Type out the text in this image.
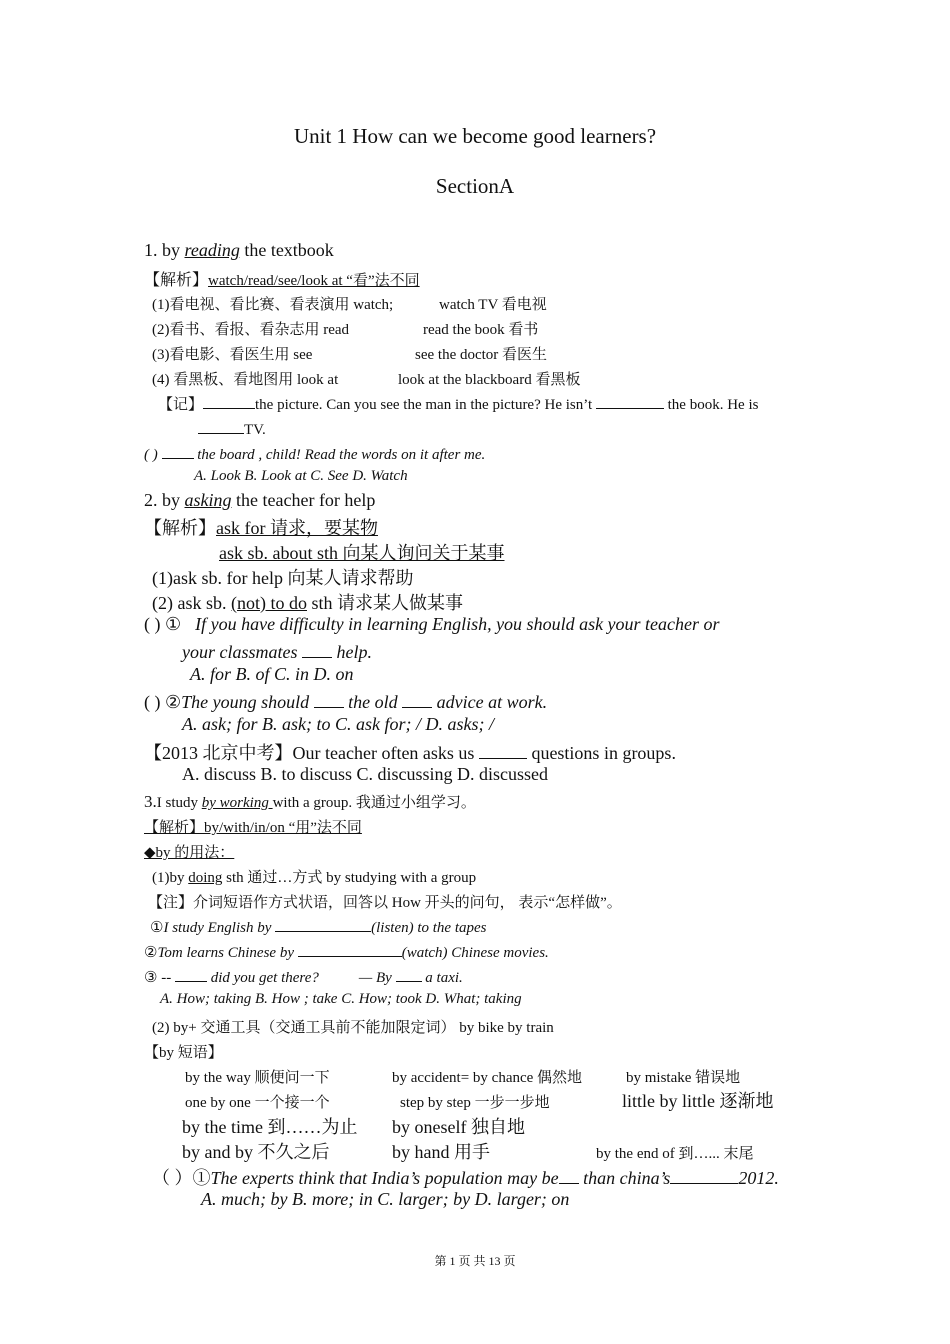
Unit 1 How can we become good learners?
SectionA
1. by reading the textbook
【解析】watch/read/see/look at “看”法不同
(1)看电视、看比赛、看表演用 watch;	watch TV 看电视
(2)看书、看报、看杂志用 read	read the book 看书
(3)看电影、看医生用 see	see the doctor 看医生
(4) 看黑板、看地图用 look at	look at the blackboard 看黑板
【记】	the picture. Can you see the man in the picture? He isn’t	the book. He is
TV.
( )  the board , child! Read the words on it after me.
A. Look B. Look at C. See D. Watch
2. by asking the teacher for help
【解析】ask for 请求，要某物
ask sb. about sth 向某人询问关于某事
(1)ask sb. for help 向某人请求帮助
(2) ask sb. (not) to do sth 请求某人做某事
( ) ① If you have difficulty in learning English, you should ask your teacher or
your classmates  help.
A. for B. of C. in D. on
( ) ②The young should  the old  advice at work.
A. ask; for B. ask; to C. ask for; / D. asks; /
【2013 北京中考】Our teacher often asks us	questions in groups.
A. discuss B. to discuss C. discussing D. discussed
3.I study by working with a group. 我通过小组学习。
【解析】by/with/in/on “用”法不同
◆by 的用法：
(1)by doing sth 通过…方式 by studying with a group
【注】介词短语作方式状语，回答以 How 开头的问句， 表示“怎样做”。
①I study English by	(listen) to the tapes
②Tom learns Chinese by	(watch) Chinese movies.
③ --  did you get there?	— By  a taxi.
A. How; taking B. How ; take C. How; took D. What; taking
(2) by+ 交通工具（交通工具前不能加限定词） by bike by train
【by 短语】
by the way 顺便问一下	by accident= by chance 偶然地	by mistake 错误地
one by one 一个接一个	step by step 一步一步地	little by little 逐渐地
by the time 到……为止 by oneself 独自地
by and by 不久之后	by hand 用手	by the end of 到…... 末尾
（ ）①The experts think that India’s population may be than china’s	2012.
A. much; by B. more; in C. larger; by D. larger; on
第 1 页 共 13 页
